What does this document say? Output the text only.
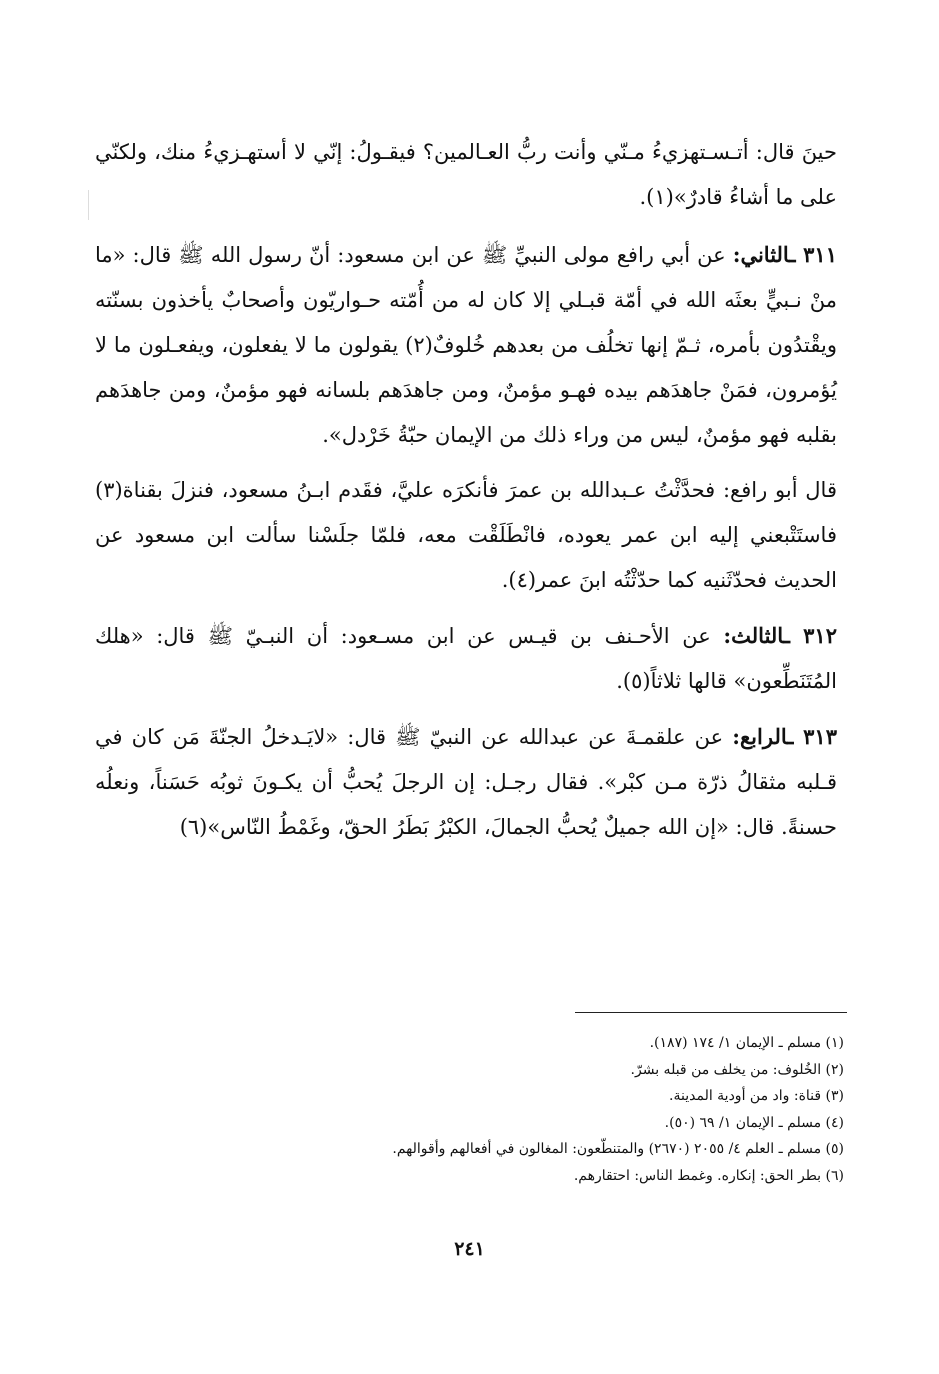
حينَ قال: أتـسـتهزيءُ مـنّي وأنت ربُّ العـالمين؟ فيقـولُ: إنّي لا أستهـزيءُ منك، ولكنّي على ما أشاءُ قادرٌ»(١).

٣١١ ـالثاني: عن أبي رافع مولى النبيِّ ﷺ عن ابن مسعود: أنّ رسول الله ﷺ قال: «ما منْ نـبيٍّ بعثَه الله في أمّة قبـلي إلا كان له من أُمّته حـواريّون وأصحابٌ يأخذون بسنّته ويقْتدُون بأمره، ثـمّ إنها تخلُف من بعدهم خُلوفٌ(٢) يقولون ما لا يفعلون، ويفعـلون ما لا يُؤمرون، فمَنْ جاهدَهم بيده فهـو مؤمنٌ، ومن جاهدَهم بلسانه فهو مؤمنٌ، ومن جاهدَهم بقلبه فهو مؤمنٌ، ليس من وراء ذلك من الإيمان حبّةُ خَرْدل».

قال أبو رافع: فحدَّثْتُ عـبدالله بن عمرَ فأنكرَه عليَّ، فقَدم ابـنُ مسعود، فنزلَ بقناة(٣) فاستَتْبعني إليه ابن عمر يعوده، فانْطَلَقْت معه، فلمّا جلَسْنا سألت ابن مسعود عن الحديث فحدّثَنيه كما حدّثْتُه ابنَ عمر(٤).

٣١٢ ـالثالث: عن الأحـنف بن قيـس عن ابن مسـعود: أن النبـيّ ﷺ قال: «هلك المُتَنَطِّعون» قالها ثلاثاً(٥).

٣١٣ ـالرابع: عن علقمـةَ عن عبدالله عن النبيّ ﷺ قال: «لايَـدخلُ الجنّةَ مَن كان في قـلبه مثقالُ ذرّة مـن كبْر». فقال رجـل: إن الرجلَ يُحبُّ أن يكـونَ ثوبُه حَسَناً، ونعلُه حسنةً. قال: «إن الله جميلٌ يُحبُّ الجمالَ، الكبْرُ بَطَرُ الحقّ، وغَمْطُ النّاس»(٦)

(١) مسلم ـ الإيمان ١/ ١٧٤ (١٨٧).

(٢) الخُلوف: من يخلف من قبله بشرّ.

(٣) قناة: واد من أودية المدينة.

(٤) مسلم ـ الإيمان ١/ ٦٩ (٥٠).

(٥) مسلم ـ العلم ٤/ ٢٠٥٥ (٢٦٧٠) والمتنطّعون: المغالون في أفعالهم وأقوالهم.

(٦) بطر الحق: إنكاره. وغمط الناس: احتقارهم.

٢٤١
